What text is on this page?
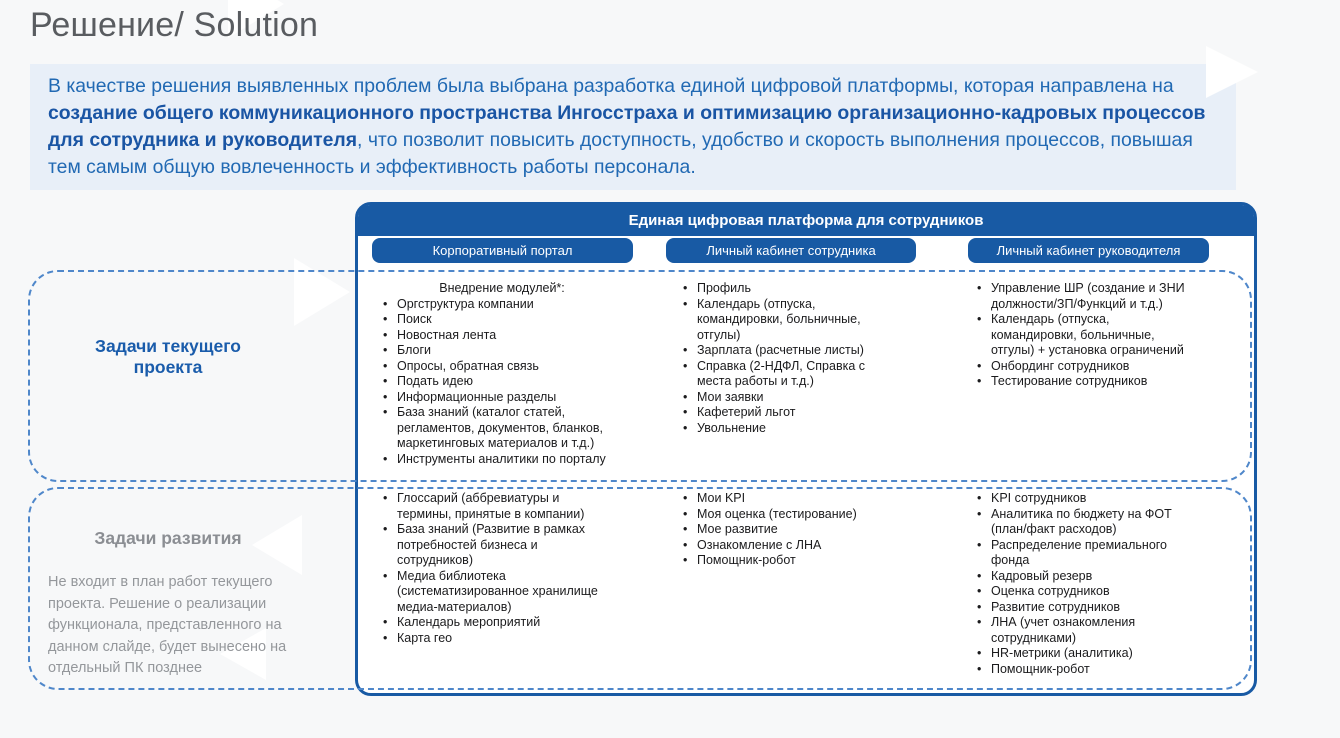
Решение/ Solution
В качестве решения выявленных проблем была выбрана разработка единой цифровой платформы, которая направлена на создание общего коммуникационного пространства Ингосстраха и оптимизацию организационно-кадровых процессов для сотрудника и руководителя, что позволит повысить доступность, удобство и скорость выполнения процессов, повышая тем самым общую вовлеченность и эффективность работы персонала.
Единая цифровая платформа для сотрудников
Корпоративный портал	Личный кабинет сотрудника	Личный кабинет руководителя
Задачи текущего проекта
Задачи развития
Не входит в план работ текущего проекта. Решение о реализации функционала, представленного на данном слайде, будет вынесено на отдельный ПК позднее
Внедрение модулей*:
• Оргструктура компании
• Поиск
• Новостная лента
• Блоги
• Опросы, обратная связь
• Подать идею
• Информационные разделы
• База знаний (каталог статей, регламентов, документов, бланков, маркетинговых материалов и т.д.)
• Инструменты аналитики по порталу
• Профиль
• Календарь (отпуска, командировки, больничные, отгулы)
• Зарплата (расчетные листы)
• Справка (2-НДФЛ, Справка с места работы и т.д.)
• Мои заявки
• Кафетерий льгот
• Увольнение
• Управление ШР (создание и ЗНИ должности/ЗП/Функций и т.д.)
• Календарь (отпуска, командировки, больничные, отгулы) + установка ограничений
• Онбординг сотрудников
• Тестирование сотрудников
• Глоссарий (аббревиатуры и термины, принятые в компании)
• База знаний (Развитие в рамках потребностей бизнеса и сотрудников)
• Медиа библиотека (систематизированное хранилище медиа-материалов)
• Календарь мероприятий
• Карта гео
• Мои KPI
• Моя оценка (тестирование)
• Мое развитие
• Ознакомление с ЛНА
• Помощник-робот
• KPI сотрудников
• Аналитика по бюджету на ФОТ (план/факт расходов)
• Распределение премиального фонда
• Кадровый резерв
• Оценка сотрудников
• Развитие сотрудников
• ЛНА (учет ознакомления сотрудниками)
• HR-метрики (аналитика)
• Помощник-робот
